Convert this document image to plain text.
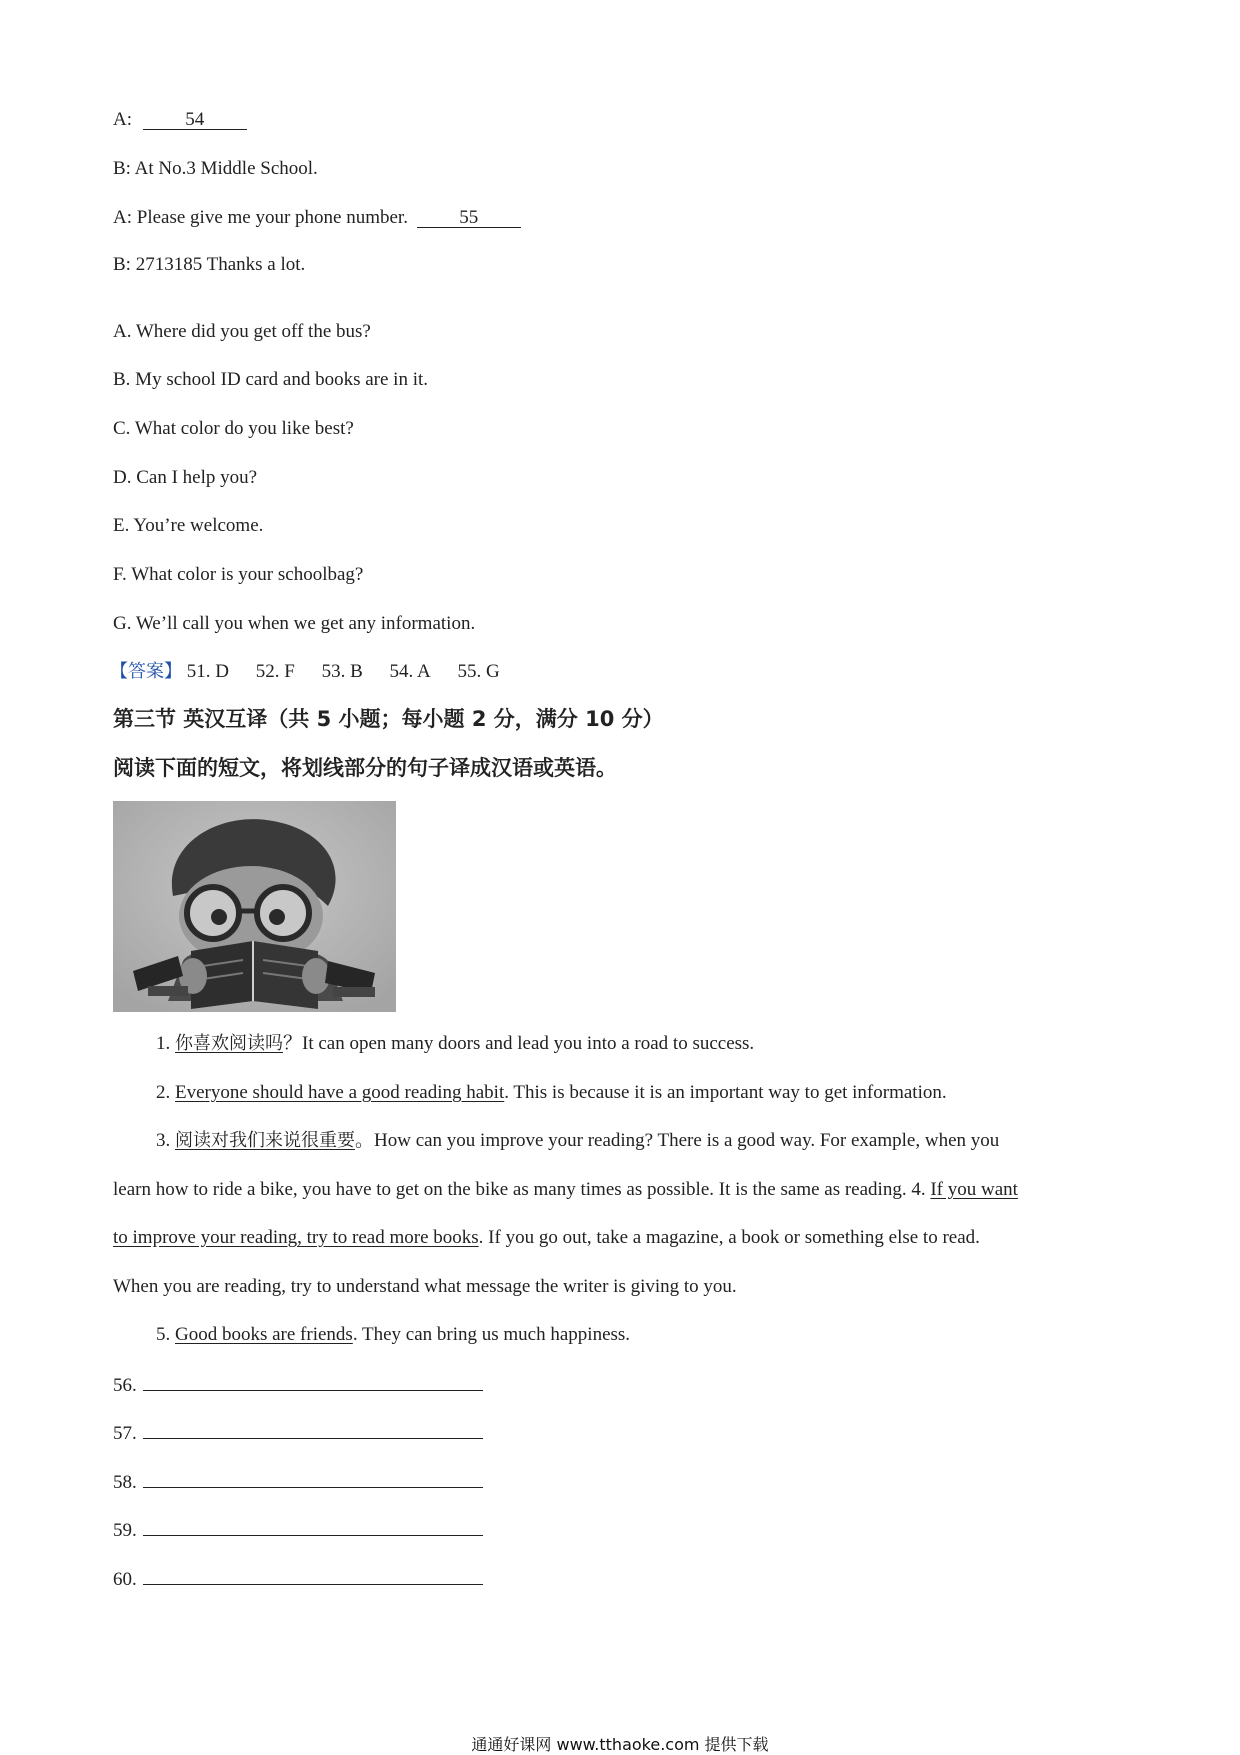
A:	54
B: At No.3 Middle School.
A: Please give me your phone number.	55
B: 2713185 Thanks a lot.
A. Where did you get off the bus?
B. My school ID card and books are in it.
C. What color do you like best?
D. Can I help you?
E. You’re welcome.
F. What color is your schoolbag?
G. We’ll call you when we get any information.
【答案】 51. D 52. F 53. B 54. A 55. G
第三节 英汉互译（共 5 小题；每小题 2 分，满分 10 分）
阅读下面的短文，将划线部分的句子译成汉语或英语。
1. 你喜欢阅读吗？It can open many doors and lead you into a road to success.
2. Everyone should have a good reading habit. This is because it is an important way to get information.
3. 阅读对我们来说很重要。How can you improve your reading? There is a good way. For example, when you
learn how to ride a bike, you have to get on the bike as many times as possible. It is the same as reading. 4. If you want
to improve your reading, try to read more books. If you go out, take a magazine, a book or something else to read.
When you are reading, try to understand what message the writer is giving to you.
5. Good books are friends. They can bring us much happiness.
56.
57.
58.
59.
60.
通通好课网 www.tthaoke.com 提供下载
